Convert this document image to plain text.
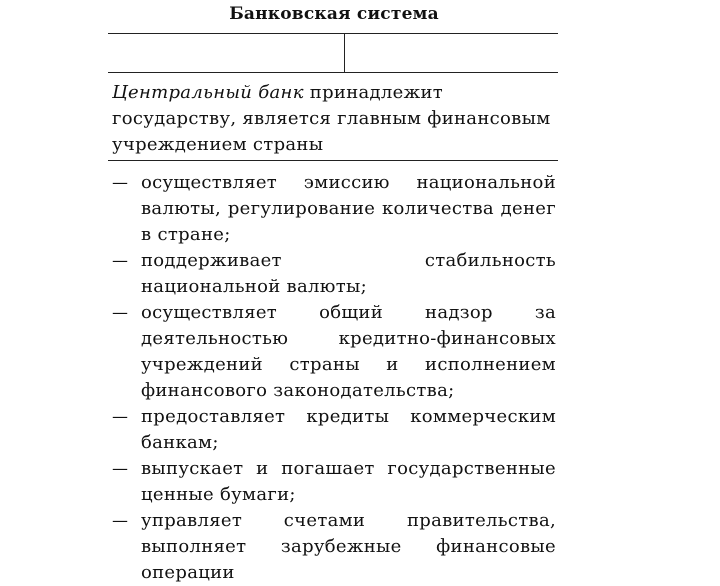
Банковская система
Центральный банк принадлежит государству, является главным финансовым учреждением страны
— осуществляет эмиссию национальной валюты, регулирование количества денег в стране;
— поддерживает стабильность национальной валюты;
— осуществляет общий надзор за деятельностью кредитно-финансовых учреждений страны и исполнением финансового законодательства;
— предоставляет кредиты коммерческим банкам;
— выпускает и погашает государственные ценные бумаги;
— управляет счетами правительства, выполняет зарубежные финансовые операции
